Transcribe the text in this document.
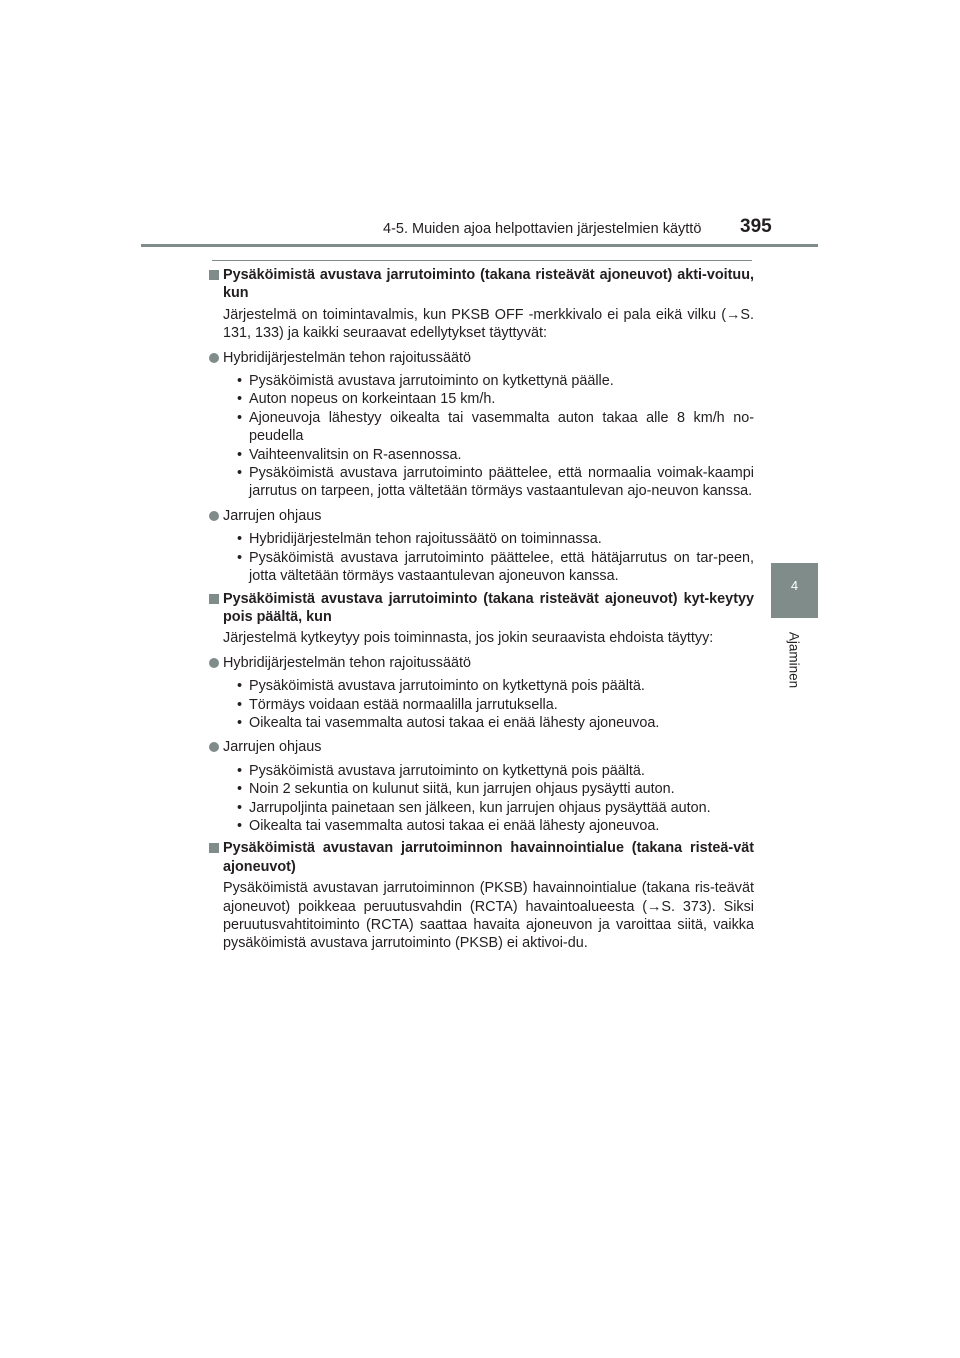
4-5. Muiden ajoa helpottavien järjestelmien käyttö 395
4
Ajaminen
Pysäköimistä avustava jarrutoiminto (takana risteävät ajoneuvot) akti-voituu, kun
Järjestelmä on toimintavalmis, kun PKSB OFF -merkkivalo ei pala eikä vilku (→S. 131, 133) ja kaikki seuraavat edellytykset täyttyvät:
Hybridijärjestelmän tehon rajoitussäätö
• Pysäköimistä avustava jarrutoiminto on kytkettynä päälle.
• Auton nopeus on korkeintaan 15 km/h.
• Ajoneuvoja lähestyy oikealta tai vasemmalta auton takaa alle 8 km/h no-peudella
• Vaihteenvalitsin on R-asennossa.
• Pysäköimistä avustava jarrutoiminto päättelee, että normaalia voimak-kaampi jarrutus on tarpeen, jotta vältetään törmäys vastaantulevan ajo-neuvon kanssa.
Jarrujen ohjaus
• Hybridijärjestelmän tehon rajoitussäätö on toiminnassa.
• Pysäköimistä avustava jarrutoiminto päättelee, että hätäjarrutus on tar-peen, jotta vältetään törmäys vastaantulevan ajoneuvon kanssa.
Pysäköimistä avustava jarrutoiminto (takana risteävät ajoneuvot) kyt-keytyy pois päältä, kun
Järjestelmä kytkeytyy pois toiminnasta, jos jokin seuraavista ehdoista täyttyy:
Hybridijärjestelmän tehon rajoitussäätö
• Pysäköimistä avustava jarrutoiminto on kytkettynä pois päältä.
• Törmäys voidaan estää normaalilla jarrutuksella.
• Oikealta tai vasemmalta autosi takaa ei enää lähesty ajoneuvoa.
Jarrujen ohjaus
• Pysäköimistä avustava jarrutoiminto on kytkettynä pois päältä.
• Noin 2 sekuntia on kulunut siitä, kun jarrujen ohjaus pysäytti auton.
• Jarrupoljinta painetaan sen jälkeen, kun jarrujen ohjaus pysäyttää auton.
• Oikealta tai vasemmalta autosi takaa ei enää lähesty ajoneuvoa.
Pysäköimistä avustavan jarrutoiminnon havainnointialue (takana risteä-vät ajoneuvot)
Pysäköimistä avustavan jarrutoiminnon (PKSB) havainnointialue (takana ris-teävät ajoneuvot) poikkeaa peruutusvahdin (RCTA) havaintoalueesta (→S. 373). Siksi peruutusvahtitoiminto (RCTA) saattaa havaita ajoneuvon ja varoittaa siitä, vaikka pysäköimistä avustava jarrutoiminto (PKSB) ei aktivoi-du.
